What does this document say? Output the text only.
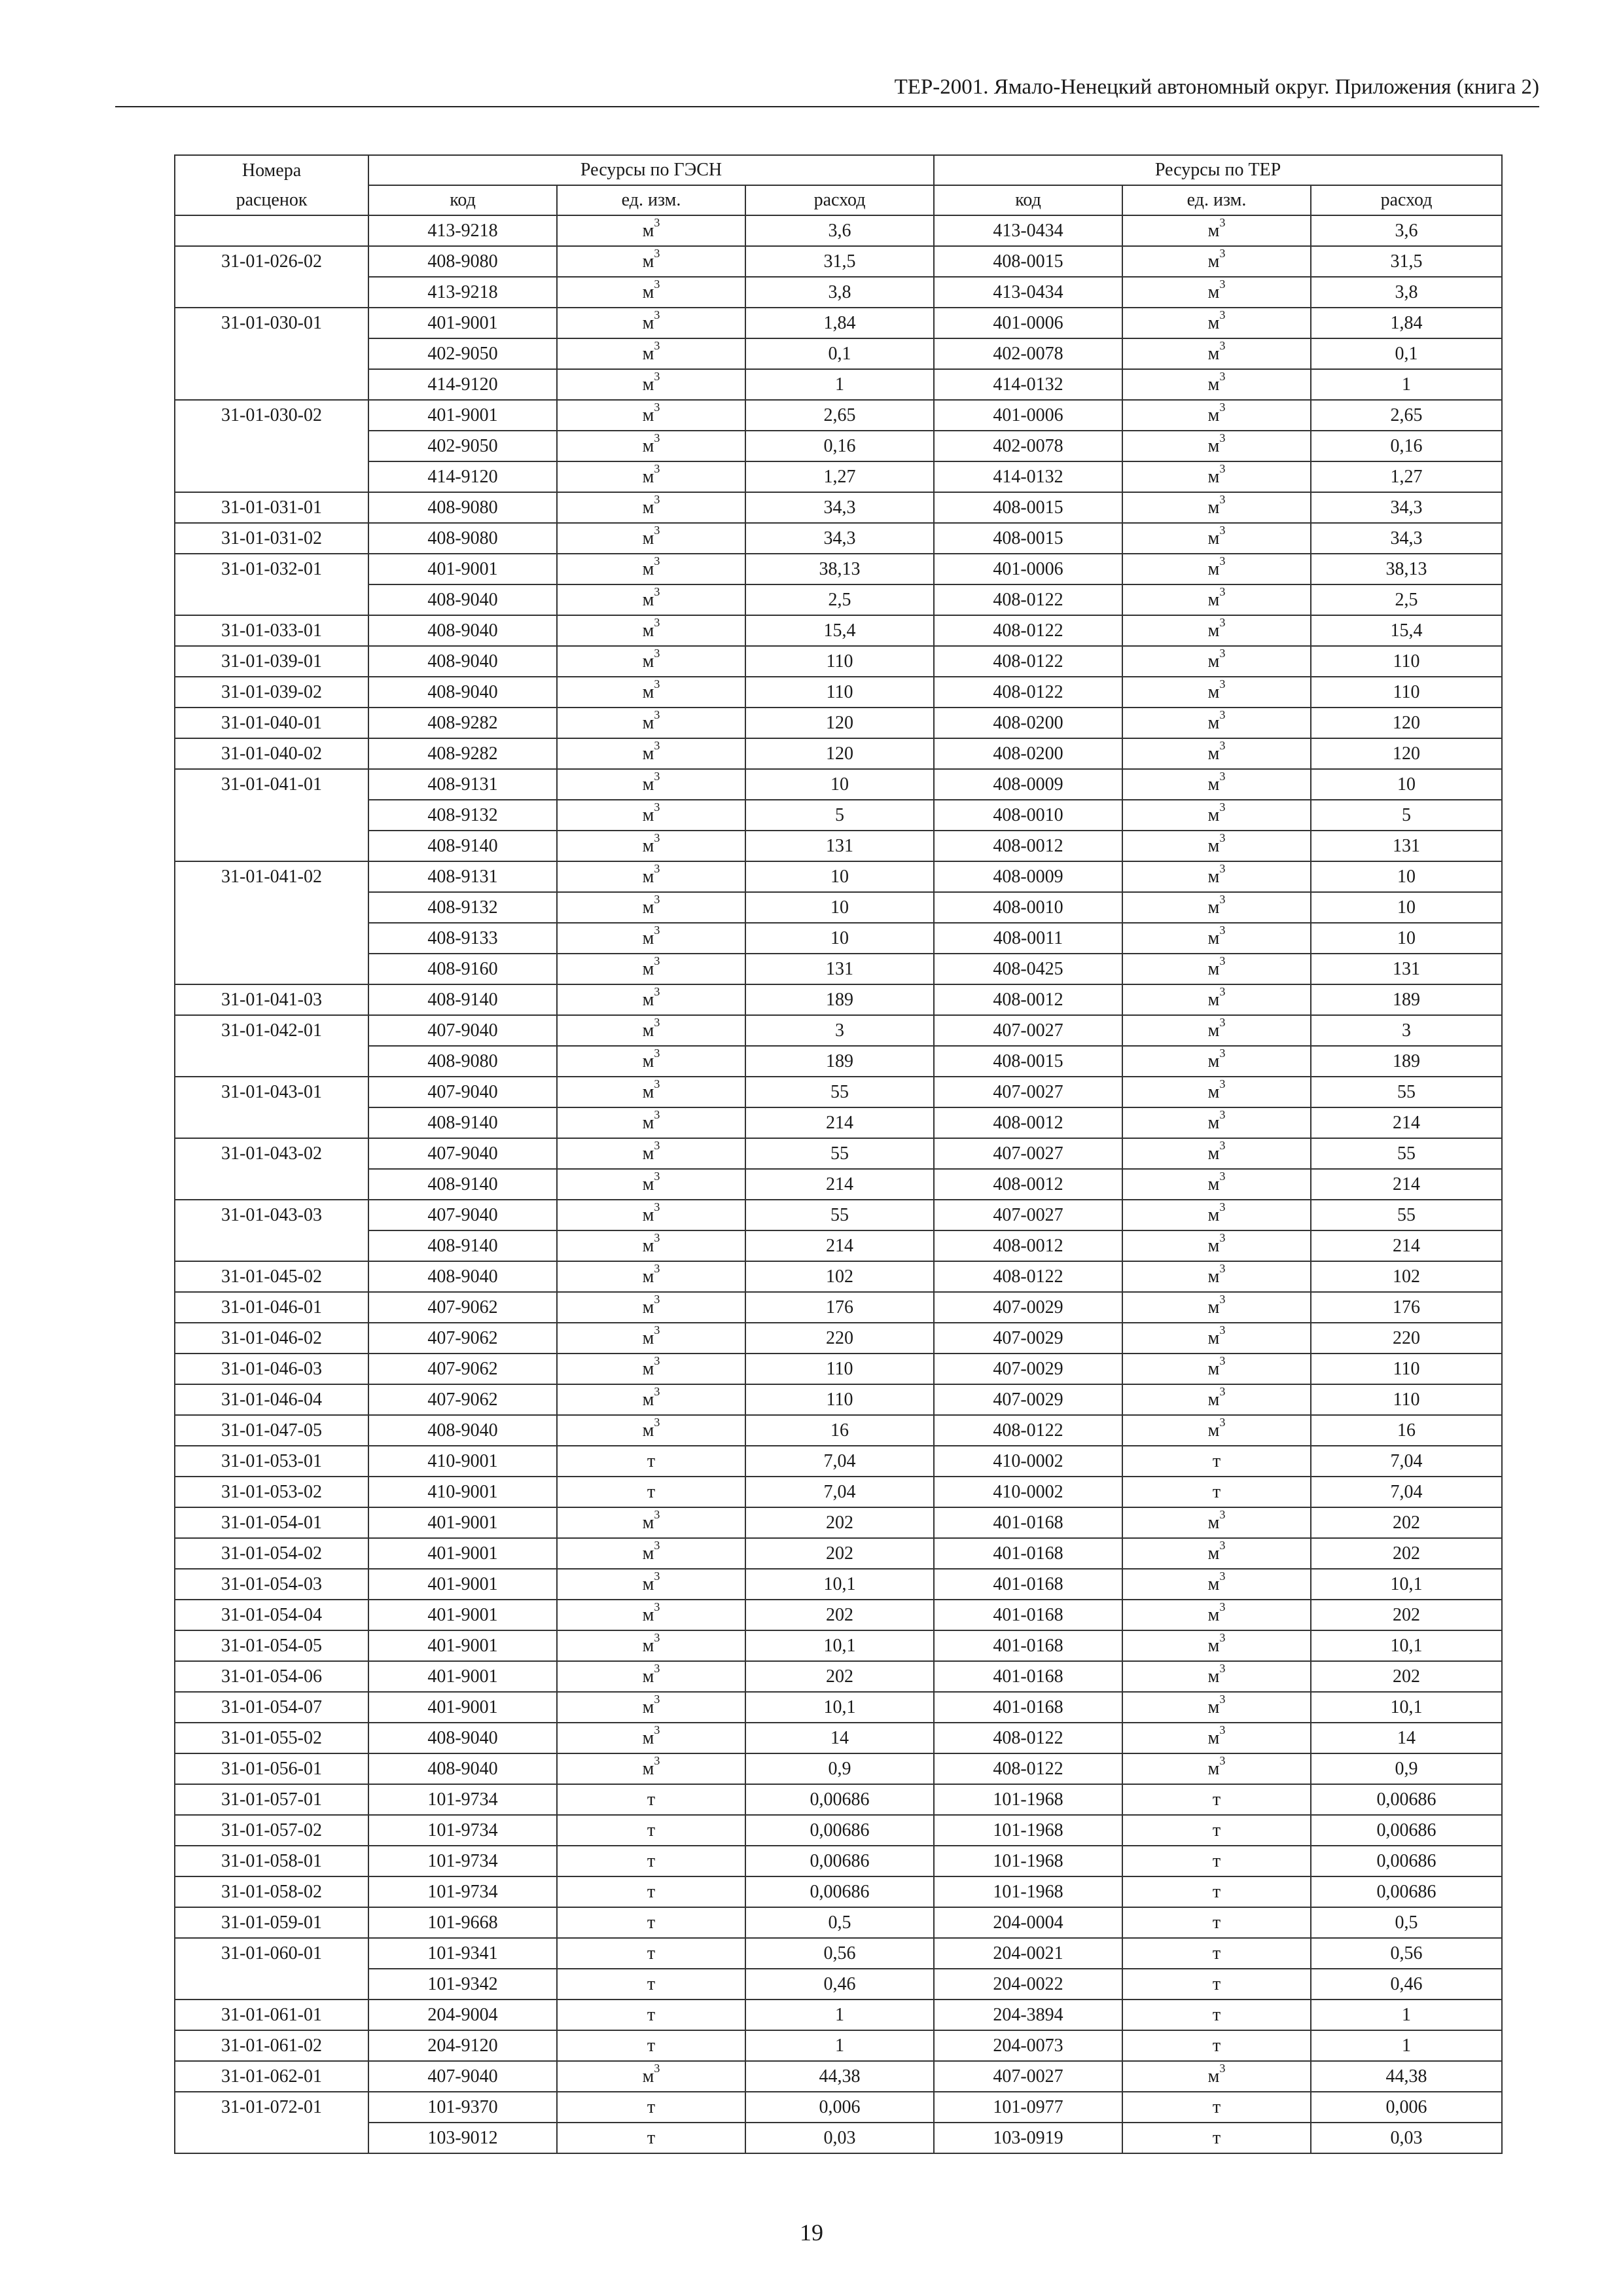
ТЕР-2001. Ямало-Ненецкий автономный округ. Приложения (книга 2)
Номера	Ресурсы по ГЭСН			Ресурсы по ТЕР		
расценок	код	ед. изм.	расход	код	ед. изм.	расход
	413-9218	$м^3$	3,6	413-0434	$м^3$	3,6
31-01-026-02	408-9080	$м^3$	31,5	408-0015	$м^3$	31,5
	413-9218	$м^3$	3,8	413-0434	$м^3$	3,8
31-01-030-01	401-9001	$м^3$	1,84	401-0006	$м^3$	1,84
	402-9050	$м^3$	0,1	402-0078	$м^3$	0,1
	414-9120	$м^3$	1	414-0132	$м^3$	1
31-01-030-02	401-9001	$м^3$	2,65	401-0006	$м^3$	2,65
	402-9050	$м^3$	0,16	402-0078	$м^3$	0,16
	414-9120	$м^3$	1,27	414-0132	$м^3$	1,27
31-01-031-01	408-9080	$м^3$	34,3	408-0015	$м^3$	34,3
31-01-031-02	408-9080	$м^3$	34,3	408-0015	$м^3$	34,3
31-01-032-01	401-9001	$м^3$	38,13	401-0006	$м^3$	38,13
	408-9040	$м^3$	2,5	408-0122	$м^3$	2,5
31-01-033-01	408-9040	$м^3$	15,4	408-0122	$м^3$	15,4
31-01-039-01	408-9040	$м^3$	110	408-0122	$м^3$	110
31-01-039-02	408-9040	$м^3$	110	408-0122	$м^3$	110
31-01-040-01	408-9282	$м^3$	120	408-0200	$м^3$	120
31-01-040-02	408-9282	$м^3$	120	408-0200	$м^3$	120
31-01-041-01	408-9131	$м^3$	10	408-0009	$м^3$	10
	408-9132	$м^3$	5	408-0010	$м^3$	5
	408-9140	$м^3$	131	408-0012	$м^3$	131
31-01-041-02	408-9131	$м^3$	10	408-0009	$м^3$	10
	408-9132	$м^3$	10	408-0010	$м^3$	10
	408-9133	$м^3$	10	408-0011	$м^3$	10
	408-9160	$м^3$	131	408-0425	$м^3$	131
31-01-041-03	408-9140	$м^3$	189	408-0012	$м^3$	189
31-01-042-01	407-9040	$м^3$	3	407-0027	$м^3$	3
	408-9080	$м^3$	189	408-0015	$м^3$	189
31-01-043-01	407-9040	$м^3$	55	407-0027	$м^3$	55
	408-9140	$м^3$	214	408-0012	$м^3$	214
31-01-043-02	407-9040	$м^3$	55	407-0027	$м^3$	55
	408-9140	$м^3$	214	408-0012	$м^3$	214
31-01-043-03	407-9040	$м^3$	55	407-0027	$м^3$	55
	408-9140	$м^3$	214	408-0012	$м^3$	214
31-01-045-02	408-9040	$м^3$	102	408-0122	$м^3$	102
31-01-046-01	407-9062	$м^3$	176	407-0029	$м^3$	176
31-01-046-02	407-9062	$м^3$	220	407-0029	$м^3$	220
31-01-046-03	407-9062	$м^3$	110	407-0029	$м^3$	110
31-01-046-04	407-9062	$м^3$	110	407-0029	$м^3$	110
31-01-047-05	408-9040	$м^3$	16	408-0122	$м^3$	16
31-01-053-01	410-9001	т	7,04	410-0002	т	7,04
31-01-053-02	410-9001	т	7,04	410-0002	т	7,04
31-01-054-01	401-9001	$м^3$	202	401-0168	$м^3$	202
31-01-054-02	401-9001	$м^3$	202	401-0168	$м^3$	202
31-01-054-03	401-9001	$м^3$	10,1	401-0168	$м^3$	10,1
31-01-054-04	401-9001	$м^3$	202	401-0168	$м^3$	202
31-01-054-05	401-9001	$м^3$	10,1	401-0168	$м^3$	10,1
31-01-054-06	401-9001	$м^3$	202	401-0168	$м^3$	202
31-01-054-07	401-9001	$м^3$	10,1	401-0168	$м^3$	10,1
31-01-055-02	408-9040	$м^3$	14	408-0122	$м^3$	14
31-01-056-01	408-9040	$м^3$	0,9	408-0122	$м^3$	0,9
31-01-057-01	101-9734	т	0,00686	101-1968	т	0,00686
31-01-057-02	101-9734	т	0,00686	101-1968	т	0,00686
31-01-058-01	101-9734	т	0,00686	101-1968	т	0,00686
31-01-058-02	101-9734	т	0,00686	101-1968	т	0,00686
31-01-059-01	101-9668	т	0,5	204-0004	т	0,5
31-01-060-01	101-9341	т	0,56	204-0021	т	0,56
	101-9342	т	0,46	204-0022	т	0,46
31-01-061-01	204-9004	т	1	204-3894	т	1
31-01-061-02	204-9120	т	1	204-0073	т	1
31-01-062-01	407-9040	$м^3$	44,38	407-0027	$м^3$	44,38
31-01-072-01	101-9370	т	0,006	101-0977	т	0,006
	103-9012	т	0,03	103-0919	т	0,03
19
